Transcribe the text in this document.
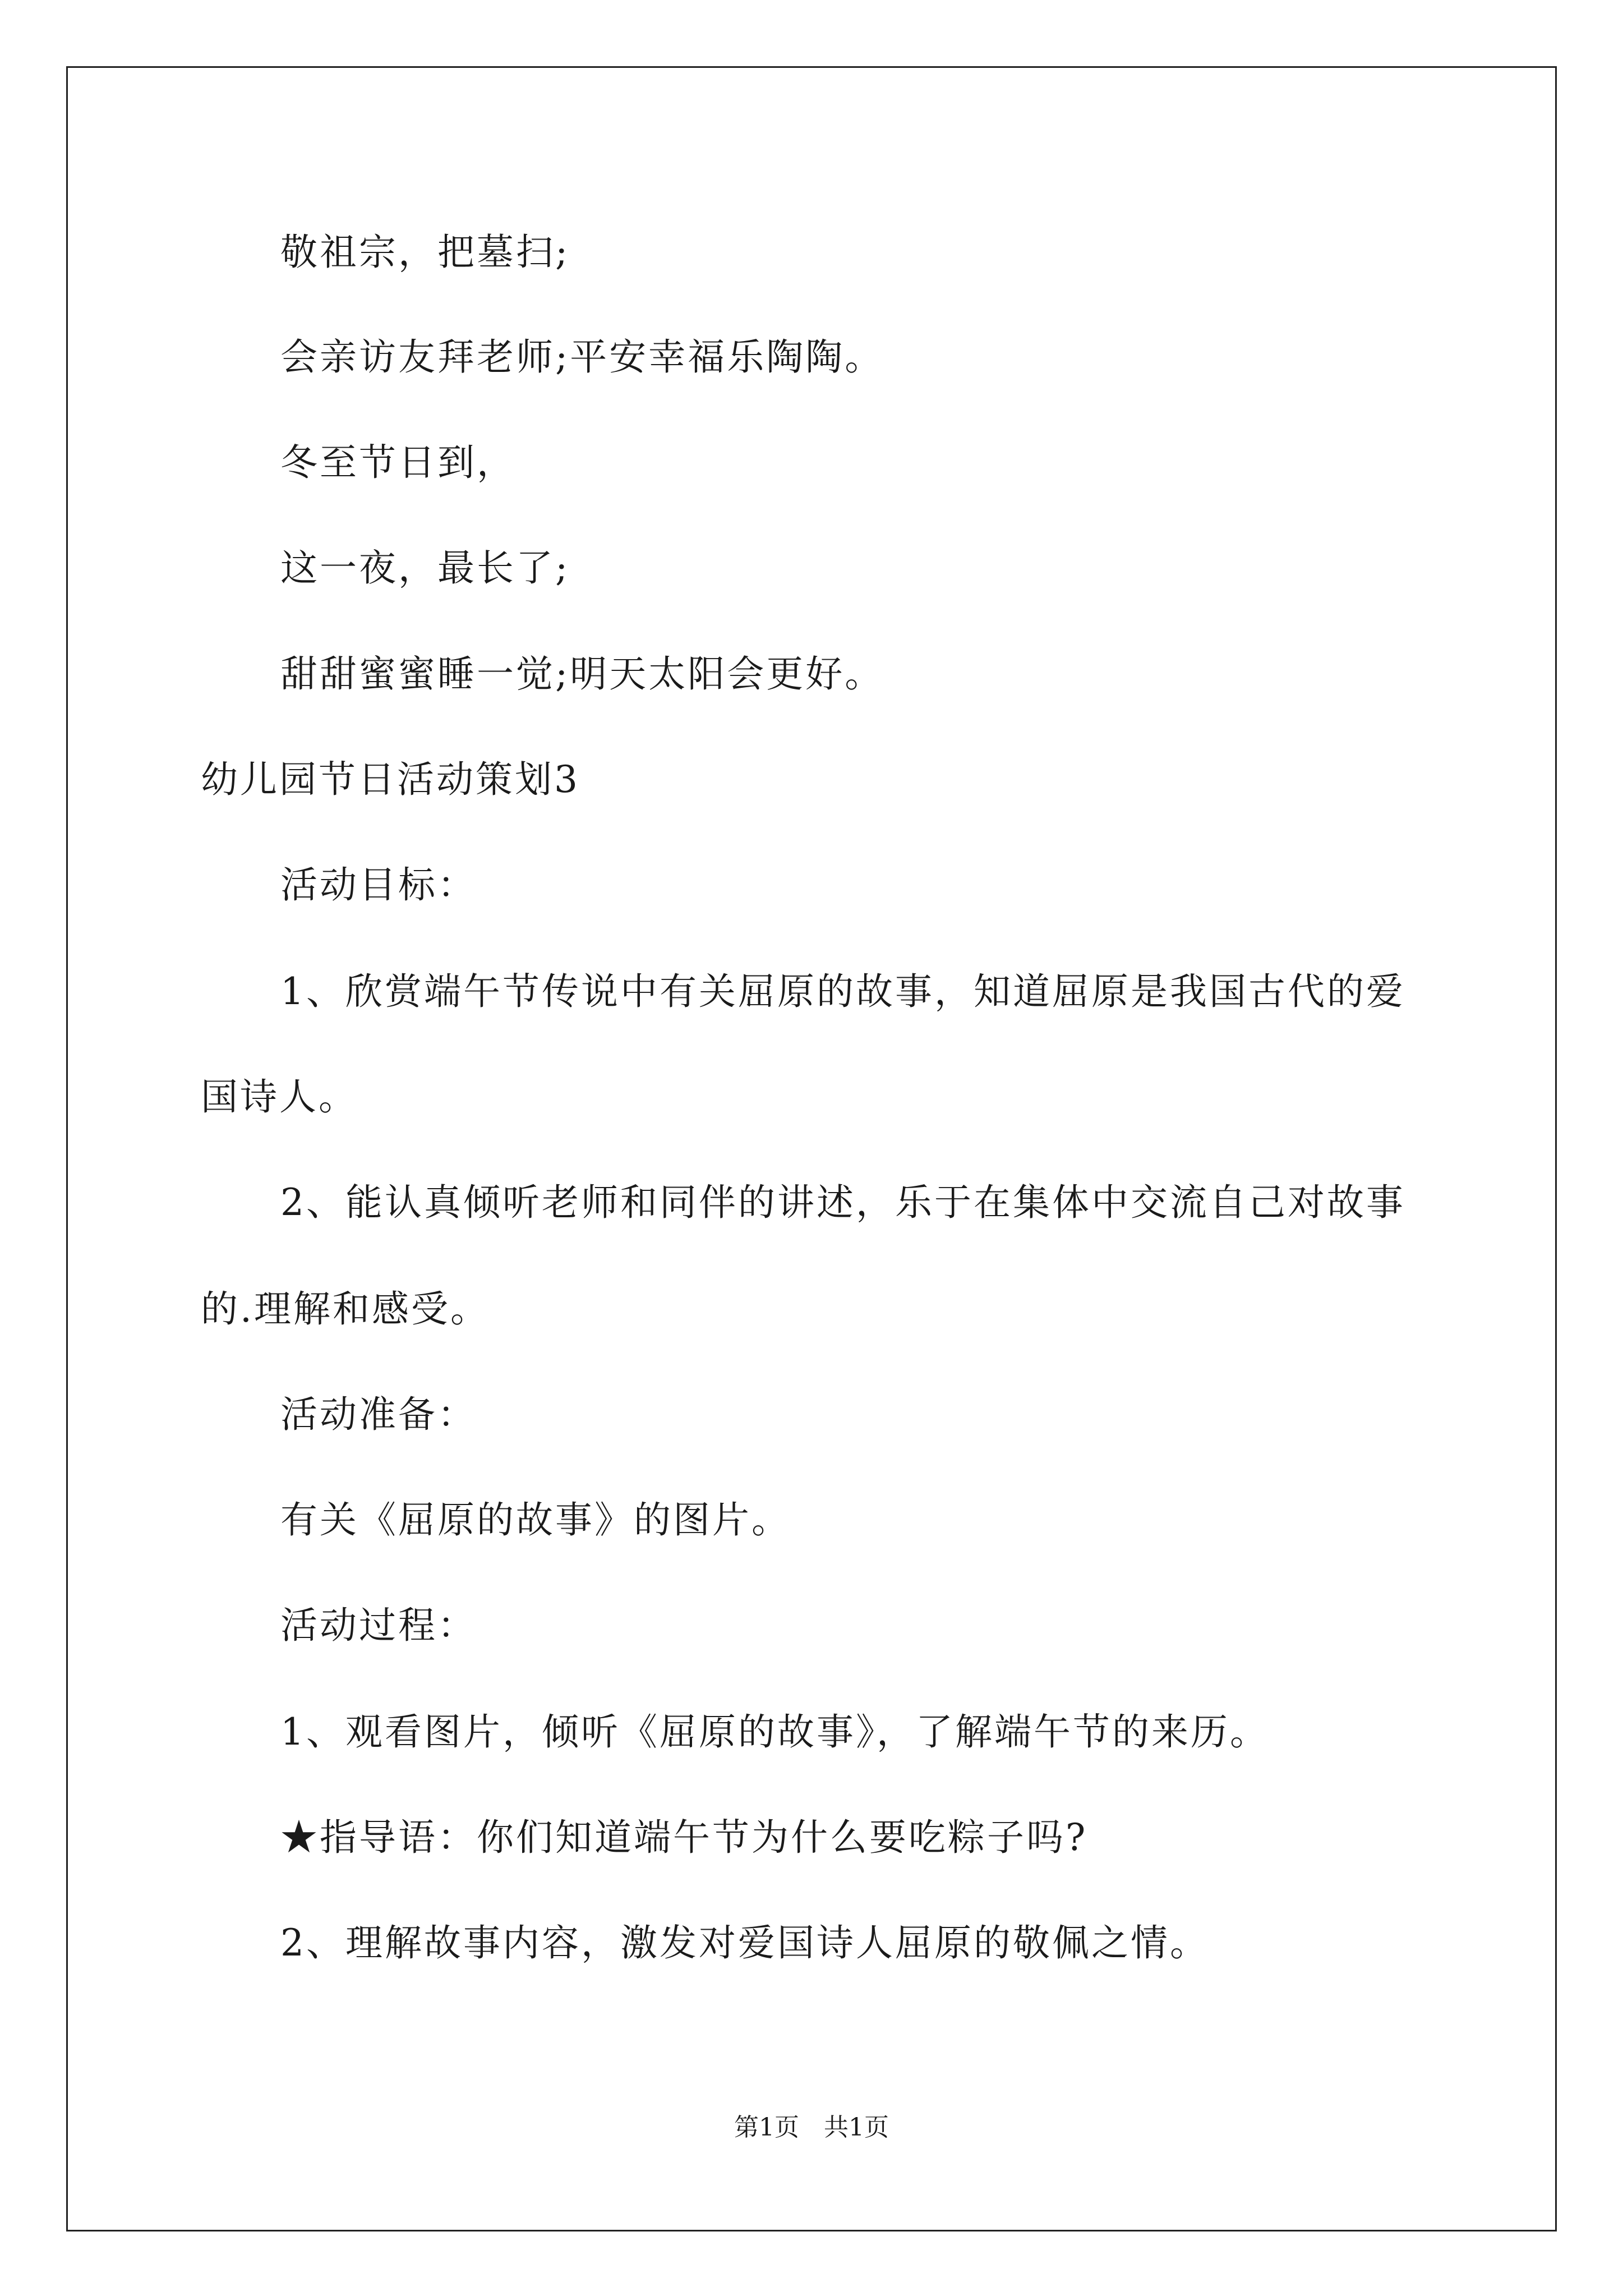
敬祖宗，把墓扫;
会亲访友拜老师;平安幸福乐陶陶。
冬至节日到，
这一夜，最长了;
甜甜蜜蜜睡一觉;明天太阳会更好。
幼儿园节日活动策划3
活动目标：
1、欣赏端午节传说中有关屈原的故事，知道屈原是我国古代的爱
国诗人。
2、能认真倾听老师和同伴的讲述，乐于在集体中交流自己对故事
的.理解和感受。
活动准备：
有关《屈原的故事》的图片。
活动过程：
1、观看图片，倾听《屈原的故事》，了解端午节的来历。
★指导语：你们知道端午节为什么要吃粽子吗?
2、理解故事内容，激发对爱国诗人屈原的敬佩之情。
第1页　共1页
